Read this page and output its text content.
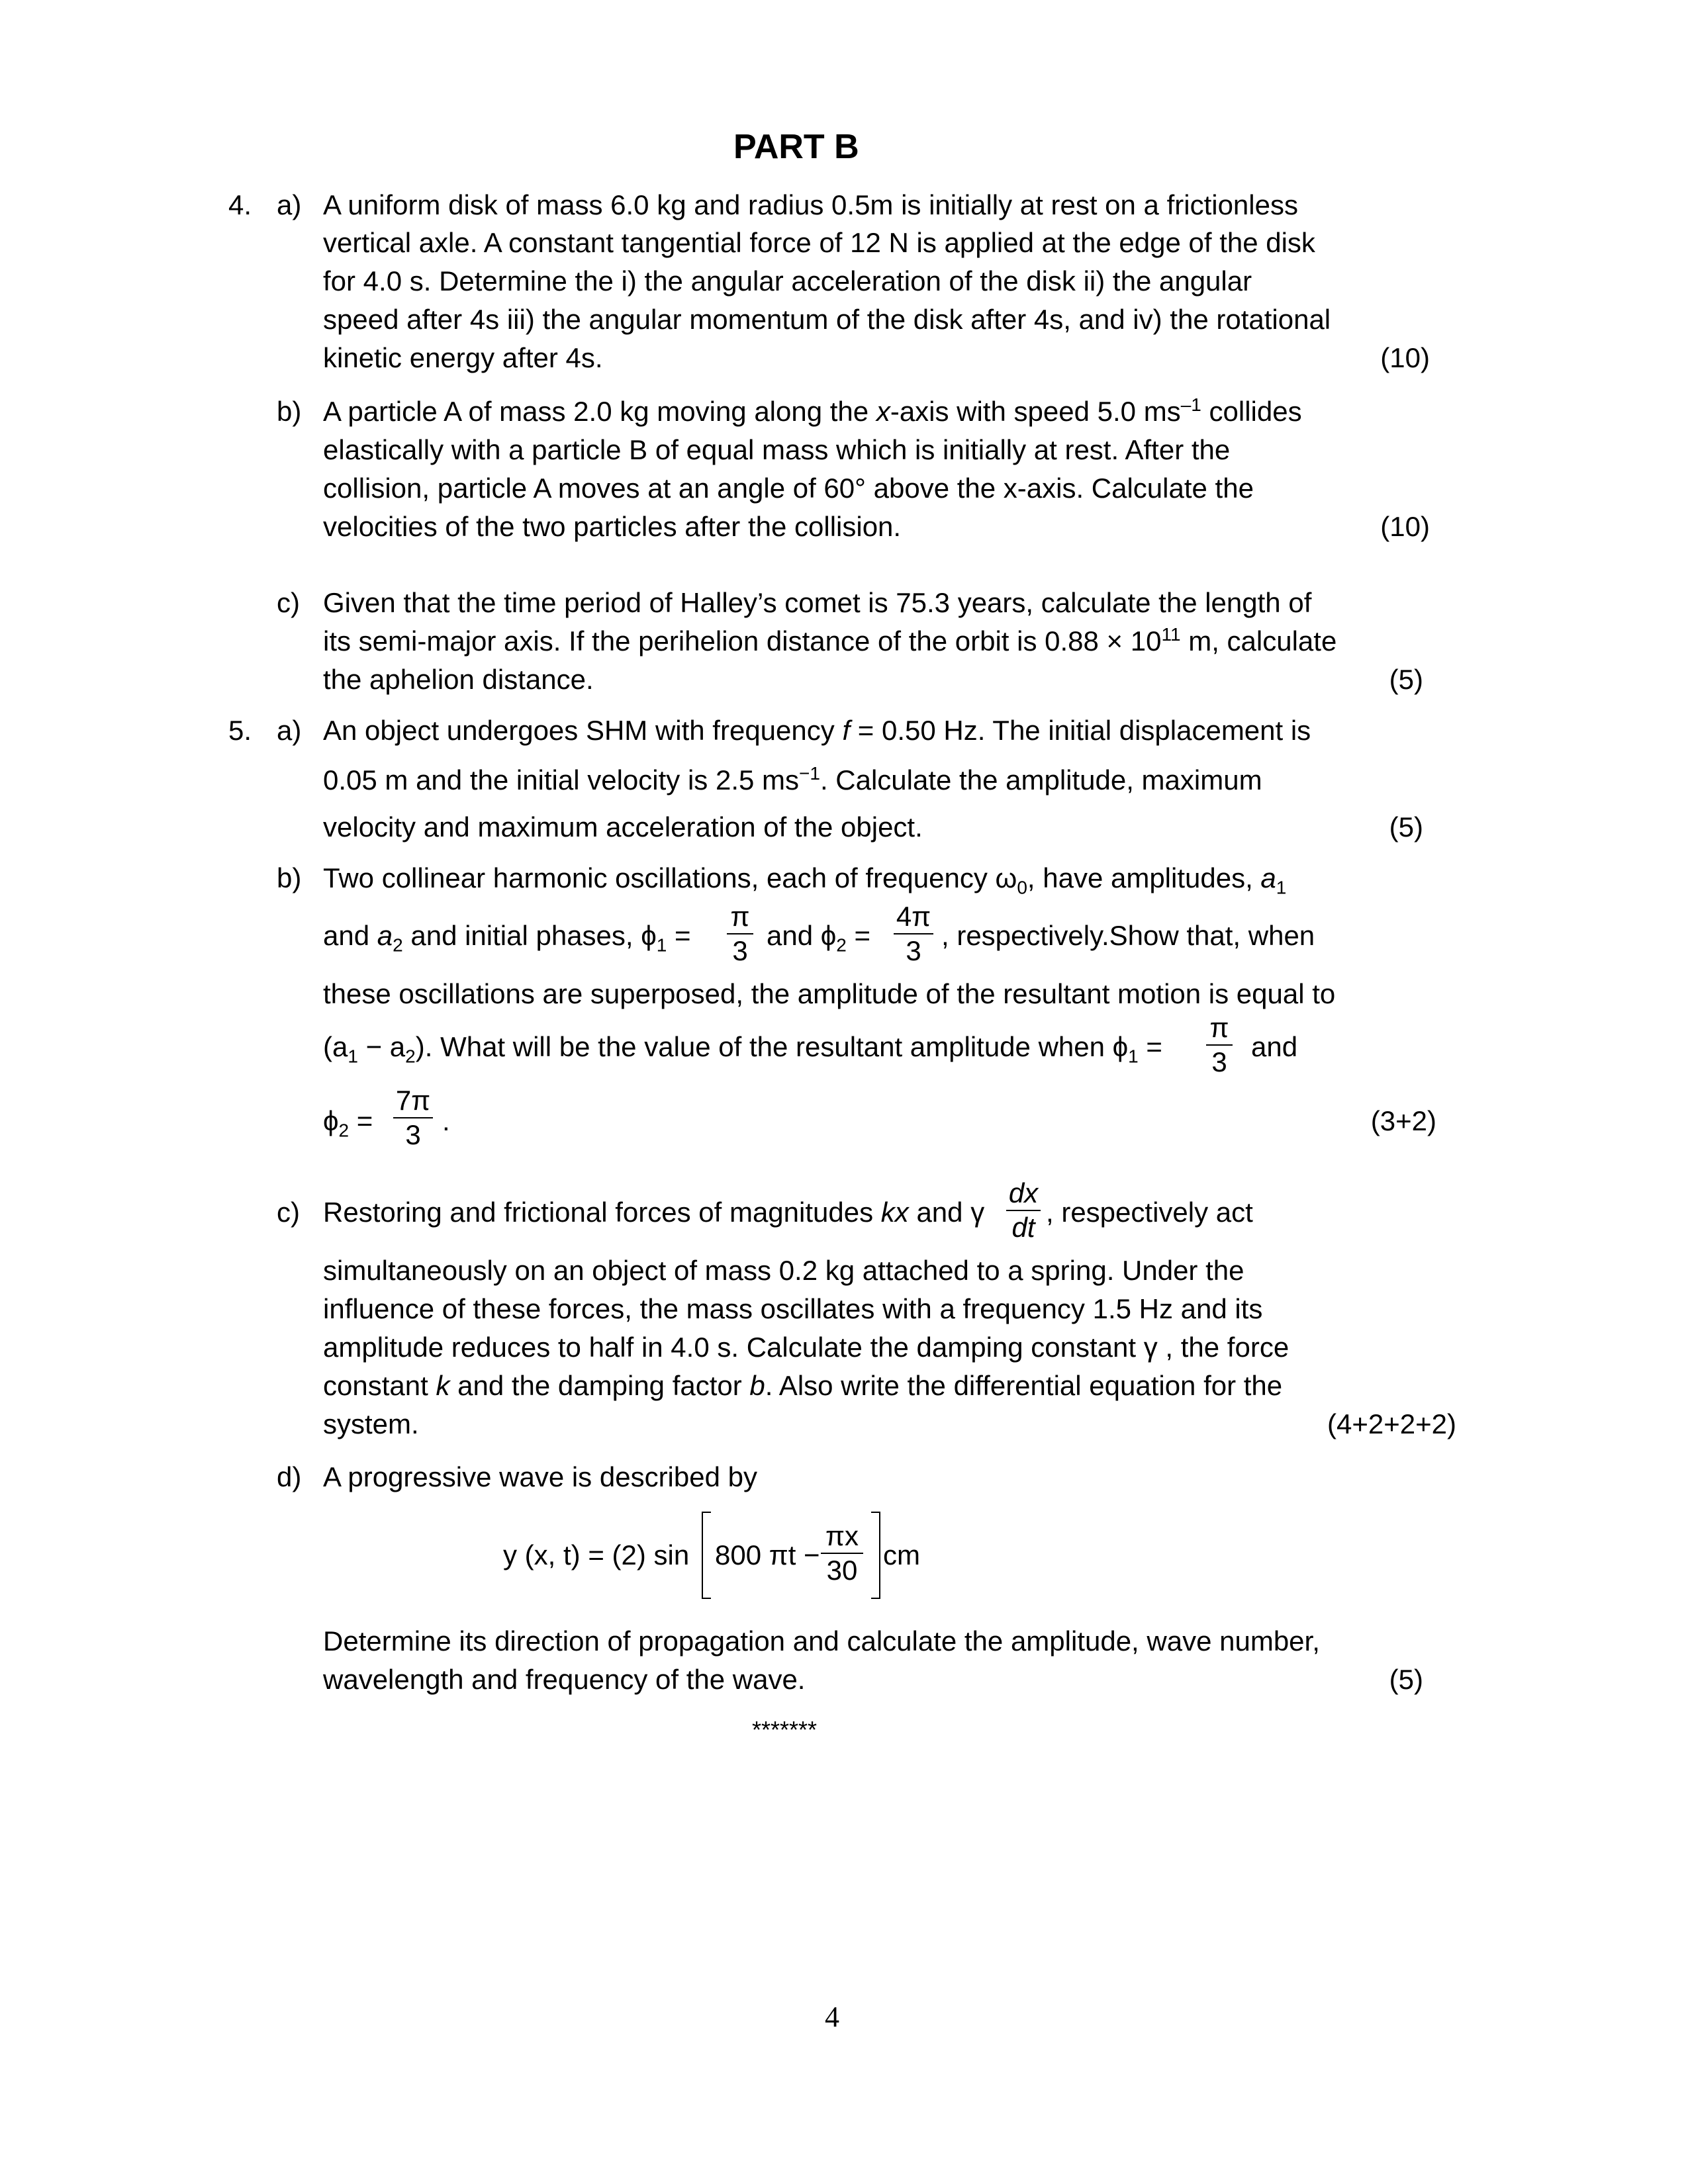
PART B
4. a) A uniform disk of mass 6.0 kg and radius 0.5m is initially at rest on a frictionless
vertical axle. A constant tangential force of 12 N is applied at the edge of the disk
for 4.0 s. Determine the i) the angular acceleration of the disk ii) the angular
speed after 4s iii) the angular momentum of the disk after 4s, and iv) the rotational
kinetic energy after 4s.	(10)
b) A particle A of mass 2.0 kg moving along the x-axis with speed 5.0 $ms^{-1}$ collides
elastically with a particle B of equal mass which is initially at rest. After the
collision, particle A moves at an angle of 60° above the x-axis. Calculate the
velocities of the two particles after the collision.	(10)
c) Given that the time period of Halley’s comet is 75.3 years, calculate the length of
its semi-major axis. If the perihelion distance of the orbit is $0.88 \times 10^{11}$ m, calculate
the aphelion distance.	(5)
5. a) An object undergoes SHM with frequency f = 0.50 Hz. The initial displacement is
0.05 m and the initial velocity is 2.5 $ms^{-1}$. Calculate the amplitude, maximum
velocity and maximum acceleration of the object.	(5)
b) Two collinear harmonic oscillations, each of frequency $\omega_0$, have amplitudes, $a_1$
and $a_2$ and initial phases, $\phi_1$ =
π
3 and $\phi_2$ =
4π
3 , respectively.Show that, when
these oscillations are superposed, the amplitude of the resultant motion is equal to
$(a_1 - a_2)$. What will be the value of the resultant amplitude when $\phi_1$ =
π
3 and
$\phi_2$ =
7π
3 .	(3+2)
c) Restoring and frictional forces of magnitudes kx and γ
dx
dt , respectively act
simultaneously on an object of mass 0.2 kg attached to a spring. Under the
influence of these forces, the mass oscillates with a frequency 1.5 Hz and its
amplitude reduces to half in 4.0 s. Calculate the damping constant γ , the force
constant k and the damping factor b. Also write the differential equation for the
system.	(4+2+2+2)
d) A progressive wave is described by
y (x, t) = (2) sin 800 πt −
πx
30 cm
Determine its direction of propagation and calculate the amplitude, wave number,
wavelength and frequency of the wave.	(5)
*******
4
